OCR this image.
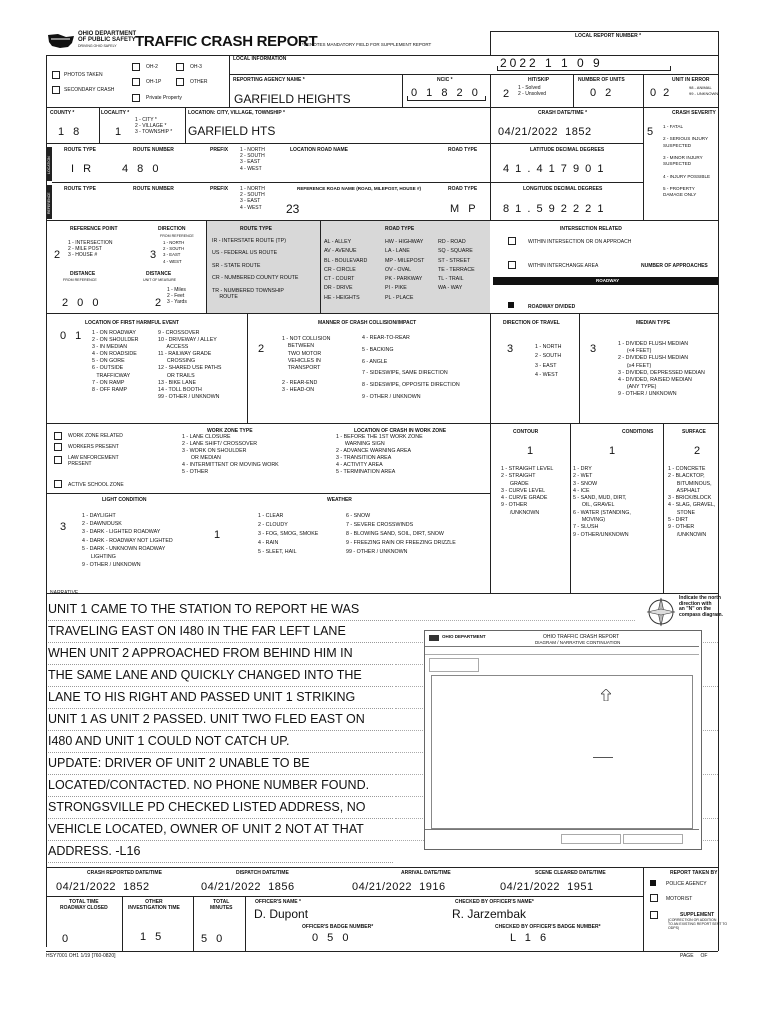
OHIO DEPARTMENT
OF PUBLIC SAFETY
DRIVING OHIO SAFELY TRAFFIC CRASH REPORT
*DENOTES MANDATORY FIELD FOR SUPPLEMENT REPORT
LOCAL REPORT NUMBER *
2022 1 1 0 9
LOCAL INFORMATION
OH-2	OH-3
PHOTOS TAKEN
OH-1P	OTHER
SECONDARY CRASH
Private Property
REPORTING AGENCY NAME *
GARFIELD HEIGHTS
NCIC *
0 1 8 2 0
HIT/SKIP
2 1 - Solved
2 - Unsolved
NUMBER OF UNITS
0 2
UNIT IN ERROR
0 2	98 - ANIMAL
99 - UNKNOWN
COUNTY *
1 8
LOCALITY *
1
1 - CITY *
2 - VILLAGE *
3 - TOWNSHIP *
LOCATION: CITY, VILLAGE, TOWNSHIP *
GARFIELD HTS
CRASH DATE/TIME *
04/21/2022  1852
CRASH SEVERITY
5 1 - FATAL

2 - SERIOUS INJURY
SUSPECTED

3 - MINOR INJURY
SUSPECTED

4 - INJURY POSSIBLE

5 - PROPERTY
DAMAGE ONLY
LOCATION
REFERENCE
ROUTE TYPE	ROUTE NUMBER	PREFIX 1 - NORTH
2 - SOUTH
3 - EAST
4 - WEST
LOCATION ROAD NAME	ROAD TYPE
I R	4 8 0
LATITUDE DECIMAL DEGREES
4 1 . 4 1 7 9 0 1
ROUTE TYPE	ROUTE NUMBER	PREFIX 1 - NORTH
2 - SOUTH
3 - EAST
4 - WEST
REFERENCE ROAD NAME (ROAD, MILEPOST, HOUSE #)	ROAD TYPE
23	M P
LONGITUDE DECIMAL DEGREES
8 1 . 5 9 2 2 2 1
REFERENCE POINT
2
1 - INTERSECTION
2 - MILE POST
3 - HOUSE #
DIRECTION
FROM REFERENCE
3
1 - NORTH
2 - SOUTH
3 - EAST
4 - WEST
DISTANCE
FROM REFERENCE
2 0 0
DISTANCE
UNIT OF MEASURE
2
1 - Miles
2 - Feet
3 - Yards
ROUTE TYPE
IR - INTERSTATE ROUTE (TP)

US - FEDERAL US ROUTE

SR - STATE ROUTE

CR - NUMBERED COUNTY ROUTE

TR - NUMBERED TOWNSHIP
ROUTE
ROAD TYPE
AL - ALLEY
AV - AVENUE
BL - BOULEVARD
CR - CIRCLE
CT - COURT
DR - DRIVE
HE - HEIGHTS
HW - HIGHWAY
LA - LANE
MP - MILEPOST
OV - OVAL
PK - PARKWAY
PI - PIKE
PL - PLACE
RD - ROAD
SQ - SQUARE
ST - STREET
TE - TERRACE
TL - TRAIL
WA - WAY
INTERSECTION RELATED
WITHIN INTERSECTION OR ON APPROACH
WITHIN INTERCHANGE AREA	NUMBER OF APPROACHES
ROADWAY
ROADWAY DIVIDED
LOCATION OF FIRST HARMFUL EVENT
0 1 1 - ON ROADWAY
2 - ON SHOULDER
3 - IN MEDIAN
4 - ON ROADSIDE
5 - ON GORE
6 - OUTSIDE
TRAFFICWAY
7 - ON RAMP
8 - OFF RAMP
9 - CROSSOVER
10 - DRIVEWAY / ALLEY
ACCESS
11 - RAILWAY GRADE
CROSSING
12 - SHARED USE PATHS
OR TRAILS
13 - BIKE LANE
14 - TOLL BOOTH
99 - OTHER / UNKNOWN
MANNER OF CRASH COLLISION/IMPACT
2
1 - NOT COLLISION
BETWEEN
TWO MOTOR
VEHICLES IN
TRANSPORT

2 - REAR-END
3 - HEAD-ON
4 - REAR-TO-REAR

5 - BACKING

6 - ANGLE

7 - SIDESWIPE, SAME DIRECTION

8 - SIDESWIPE, OPPOSITE DIRECTION

9 - OTHER / UNKNOWN
DIRECTION OF TRAVEL
3	1 - NORTH
2 - SOUTH
3 - EAST
4 - WEST
MEDIAN TYPE
3	1 - DIVIDED FLUSH MEDIAN
(<4 FEET)
2 - DIVIDED FLUSH MEDIAN
(≥4 FEET)
3 - DIVIDED, DEPRESSED MEDIAN
4 - DIVIDED, RAISED MEDIAN
(ANY TYPE)
9 - OTHER / UNKNOWN
WORK ZONE RELATED
WORKERS PRESENT
LAW ENFORCEMENT
PRESENT
ACTIVE SCHOOL ZONE
WORK ZONE TYPE
1 - LANE CLOSURE
2 - LANE SHIFT/ CROSSOVER
3 - WORK ON SHOULDER
OR MEDIAN
4 - INTERMITTENT OR MOVING WORK
5 - OTHER
LOCATION OF CRASH IN WORK ZONE
1 - BEFORE THE 1ST WORK ZONE
WARNING SIGN
2 - ADVANCE WARNING AREA
3 - TRANSITION AREA
4 - ACTIVITY AREA
5 - TERMINATION AREA
CONTOUR
1
1 - STRAIGHT LEVEL
2 - STRAIGHT
GRADE
3 - CURVE LEVEL
4 - CURVE GRADE
9 - OTHER
/UNKNOWN
CONDITIONS
1
1 - DRY
2 - WET
3 - SNOW
4 - ICE
5 - SAND, MUD, DIRT,
OIL, GRAVEL
6 - WATER (STANDING,
MOVING)
7 - SLUSH
9 - OTHER/UNKNOWN
SURFACE
2
1 - CONCRETE
2 - BLACKTOP,
BITUMINOUS,
ASPHALT
3 - BRICK/BLOCK
4 - SLAG, GRAVEL,
STONE
5 - DIRT
9 - OTHER
/UNKNOWN
LIGHT CONDITION
3
1 - DAYLIGHT
2 - DAWN/DUSK
3 - DARK - LIGHTED ROADWAY
4 - DARK - ROADWAY NOT LIGHTED
5 - DARK - UNKNOWN ROADWAY
LIGHTING
9 - OTHER / UNKNOWN
WEATHER
1
1 - CLEAR
2 - CLOUDY
3 - FOG, SMOG, SMOKE
4 - RAIN
5 - SLEET, HAIL
6 - SNOW
7 - SEVERE CROSSWINDS
8 - BLOWING SAND, SOIL, DIRT, SNOW
9 - FREEZING RAIN OR FREEZING DRIZZLE
99 - OTHER / UNKNOWN
NARRATIVE
UNIT 1 CAME TO THE STATION TO REPORT HE WAS
TRAVELING EAST ON I480 IN THE FAR LEFT LANE
WHEN UNIT 2 APPROACHED FROM BEHIND HIM IN
THE SAME LANE AND QUICKLY CHANGED INTO THE
LANE TO HIS RIGHT AND PASSED UNIT 1 STRIKING
UNIT 1 AS UNIT 2 PASSED. UNIT TWO FLED EAST ON
I480 AND UNIT 1 COULD NOT CATCH UP.
UPDATE: DRIVER OF UNIT 2 UNABLE TO BE
LOCATED/CONTACTED. NO PHONE NUMBER FOUND.
STRONGSVILLE PD CHECKED LISTED ADDRESS, NO
VEHICLE LOCATED, OWNER OF UNIT 2 NOT AT THAT
ADDRESS. -L16
Indicate the north
direction with
an "N" on the
compass diagram.
OHIO DEPARTMENT	OHIO TRAFFIC CRASH REPORT
DIAGRAM / NARRATIVE CONTINUATION
CRASH REPORTED DATE/TIME
04/21/2022  1852
DISPATCH DATE/TIME
04/21/2022  1856
ARRIVAL DATE/TIME
04/21/2022  1916
SCENE CLEARED DATE/TIME
04/21/2022  1951
REPORT TAKEN BY
POLICE AGENCY
MOTORIST
SUPPLEMENT
(CORRECTION OR ADDITION
TO AN EXISTING REPORT SENT TO
ODPS)
TOTAL TIME
ROADWAY CLOSED
0
OTHER
INVESTIGATION TIME
1 5
TOTAL
MINUTES
5 0
OFFICER'S NAME *
D. Dupont
OFFICER'S BADGE NUMBER*
0 5 0
CHECKED BY OFFICER'S NAME*
R. Jarzembak
CHECKED BY OFFICER'S BADGE NUMBER*
L 1 6
HSY7001 OH1 1/19 [760-0820]	PAGE     OF
